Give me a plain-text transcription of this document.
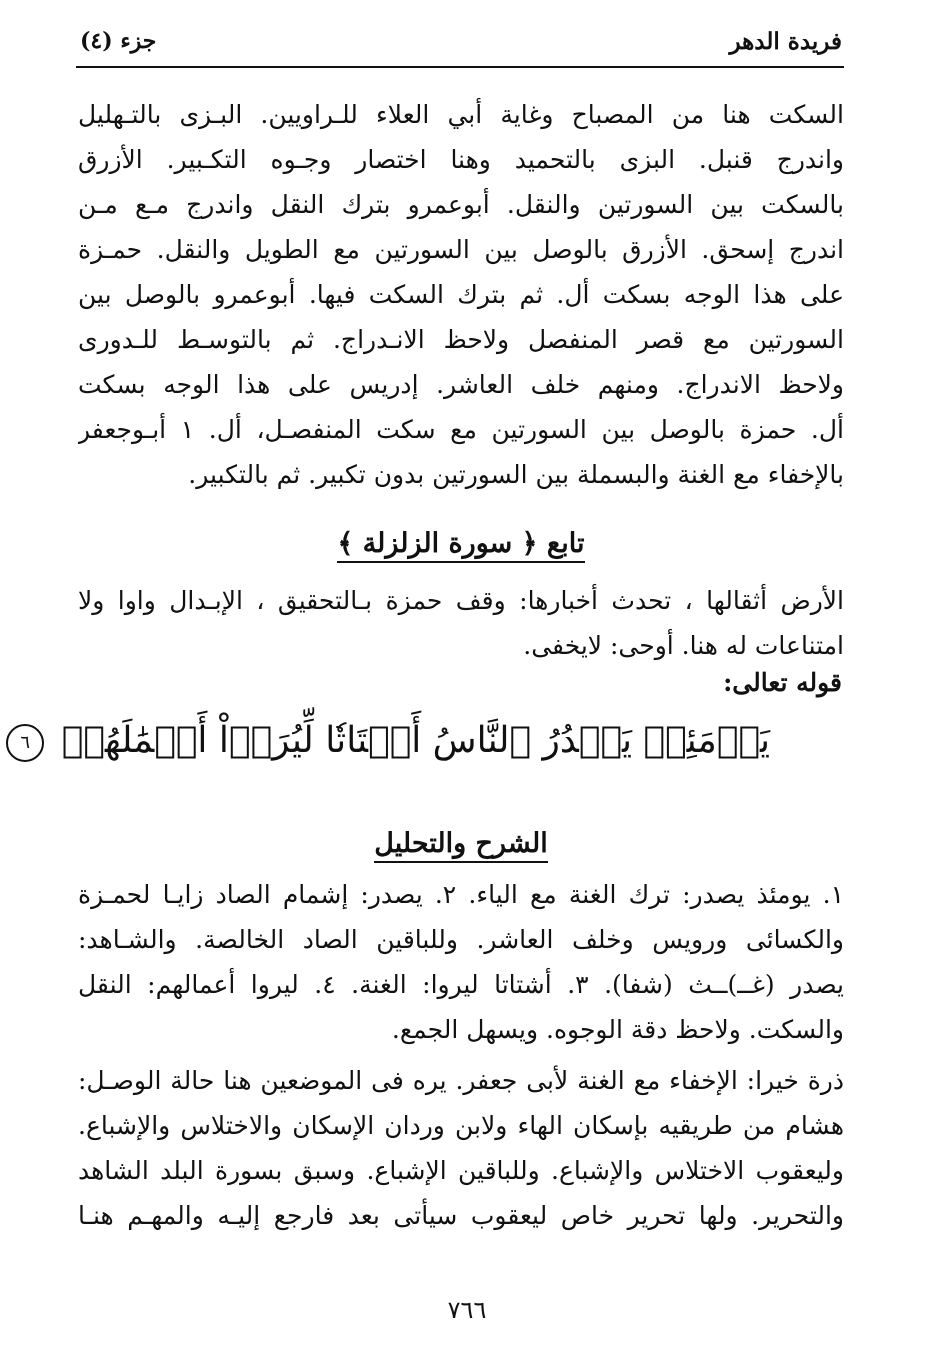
فريدة الدهر
جزء (٤)
السكت هنا من المصباح وغاية أبي العلاء للـراويين. البـزى بالتـهليل
واندرج قنبل. البزى بالتحميد وهنا اختصار وجـوه التكـبير. الأزرق
بالسكت بين السورتين والنقل. أبوعمرو بترك النقل واندرج مـع مـن
اندرج إسحق. الأزرق بالوصل بين السورتين مع الطويل والنقل. حمـزة
على هذا الوجه بسكت أل. ثم بترك السكت فيها. أبوعمرو بالوصل بين
السورتين مع قصر المنفصل ولاحظ الانـدراج. ثم بالتوسـط للـدورى
ولاحظ الاندراج. ومنهم خلف العاشر. إدريس على هذا الوجه بسكت
أل. حمزة بالوصل بين السورتين مع سكت المنفصـل، أل. ١ أبـوجعفر
بالإخفاء مع الغنة والبسملة بين السورتين بدون تكبير. ثم بالتكبير.
تابع ﴿ سورة الزلزلة ﴾
الأرض أثقالها ، تحدث أخبارها: وقف حمزة بـالتحقيق ، الإبـدال واوا ولا
امتناعات له هنا. أوحى: لايخفى.
قوله تعالى:
يَوۡمَئِذٖ يَصۡدُرُ ٱلنَّاسُ أَشۡتَاتٗا لِّيُرَوۡاْ أَعۡمَٰلَهُمۡ ٦
الشرح والتحليل
١. يومئذ يصدر: ترك الغنة مع الياء. ٢. يصدر: إشمام الصاد زايـا لحمـزة
والكسائى ورويس وخلف العاشر. وللباقين الصاد الخالصة. والشـاهد:
يصدر (غــ)ــث (شفا). ٣. أشتاتا ليروا: الغنة. ٤. ليروا أعمالهم: النقل
والسكت. ولاحظ دقة الوجوه. ويسهل الجمع.
ذرة خيرا: الإخفاء مع الغنة لأبى جعفر. يره فى الموضعين هنا حالة الوصـل:
هشام من طريقيه بإسكان الهاء ولابن وردان الإسكان والاختلاس والإشباع.
وليعقوب الاختلاس والإشباع. وللباقين الإشباع. وسبق بسورة البلد الشاهد
والتحرير. ولها تحرير خاص ليعقوب سيأتى بعد فارجع إليـه والمهـم هنـا
٧٦٦
